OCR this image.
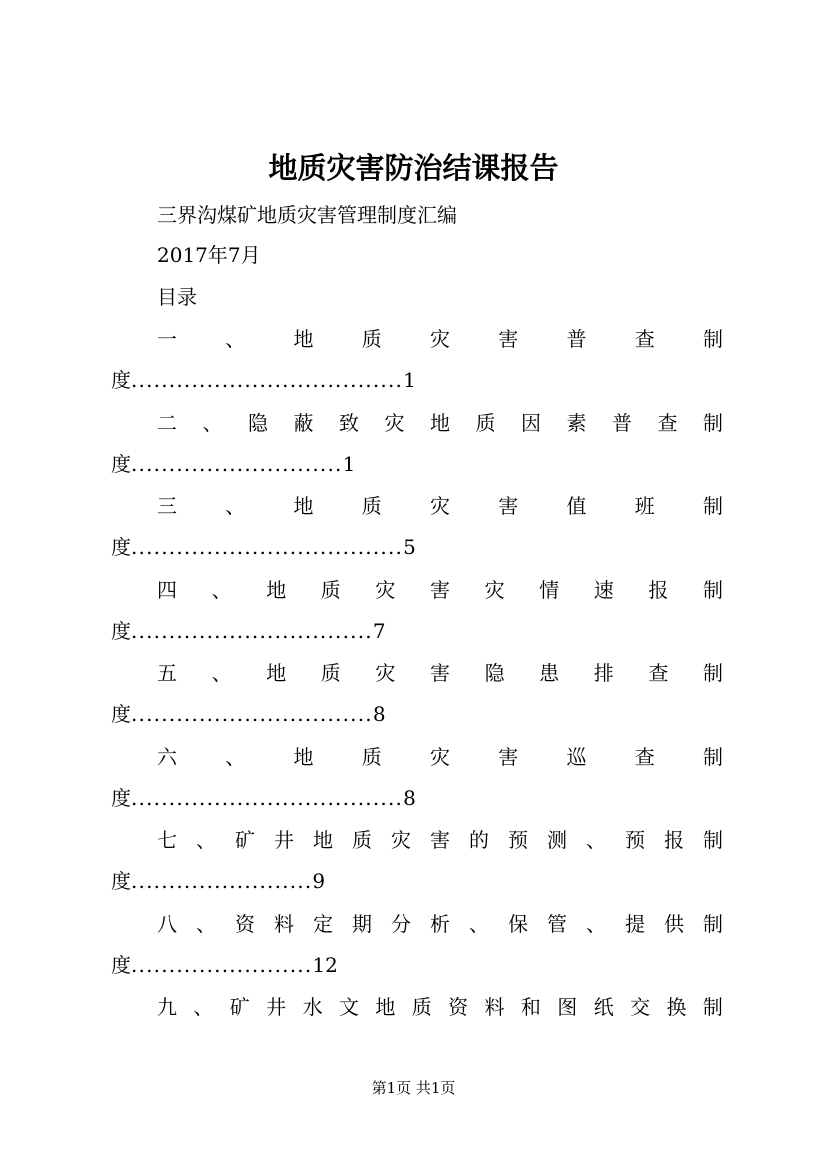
地质灾害防治结课报告
三界沟煤矿地质灾害管理制度汇编
2017年7月
目录
一 、 地 质 灾 害 普 查 制
度....................................1
二 、 隐 蔽 致 灾 地 质 因 素 普 查 制
度............................1
三 、 地 质 灾 害 值 班 制
度....................................5
四 、 地 质 灾 害 灾 情 速 报 制
度................................7
五 、 地 质 灾 害 隐 患 排 查 制
度................................8
六 、 地 质 灾 害 巡 查 制
度....................................8
七 、 矿 井 地 质 灾 害 的 预 测 、 预 报 制
度........................9
八 、 资 料 定 期 分 析 、 保 管 、 提 供 制
度........................12
九 、 矿 井 水 文 地 质 资 料 和 图 纸 交 换 制
第1页 共1页
